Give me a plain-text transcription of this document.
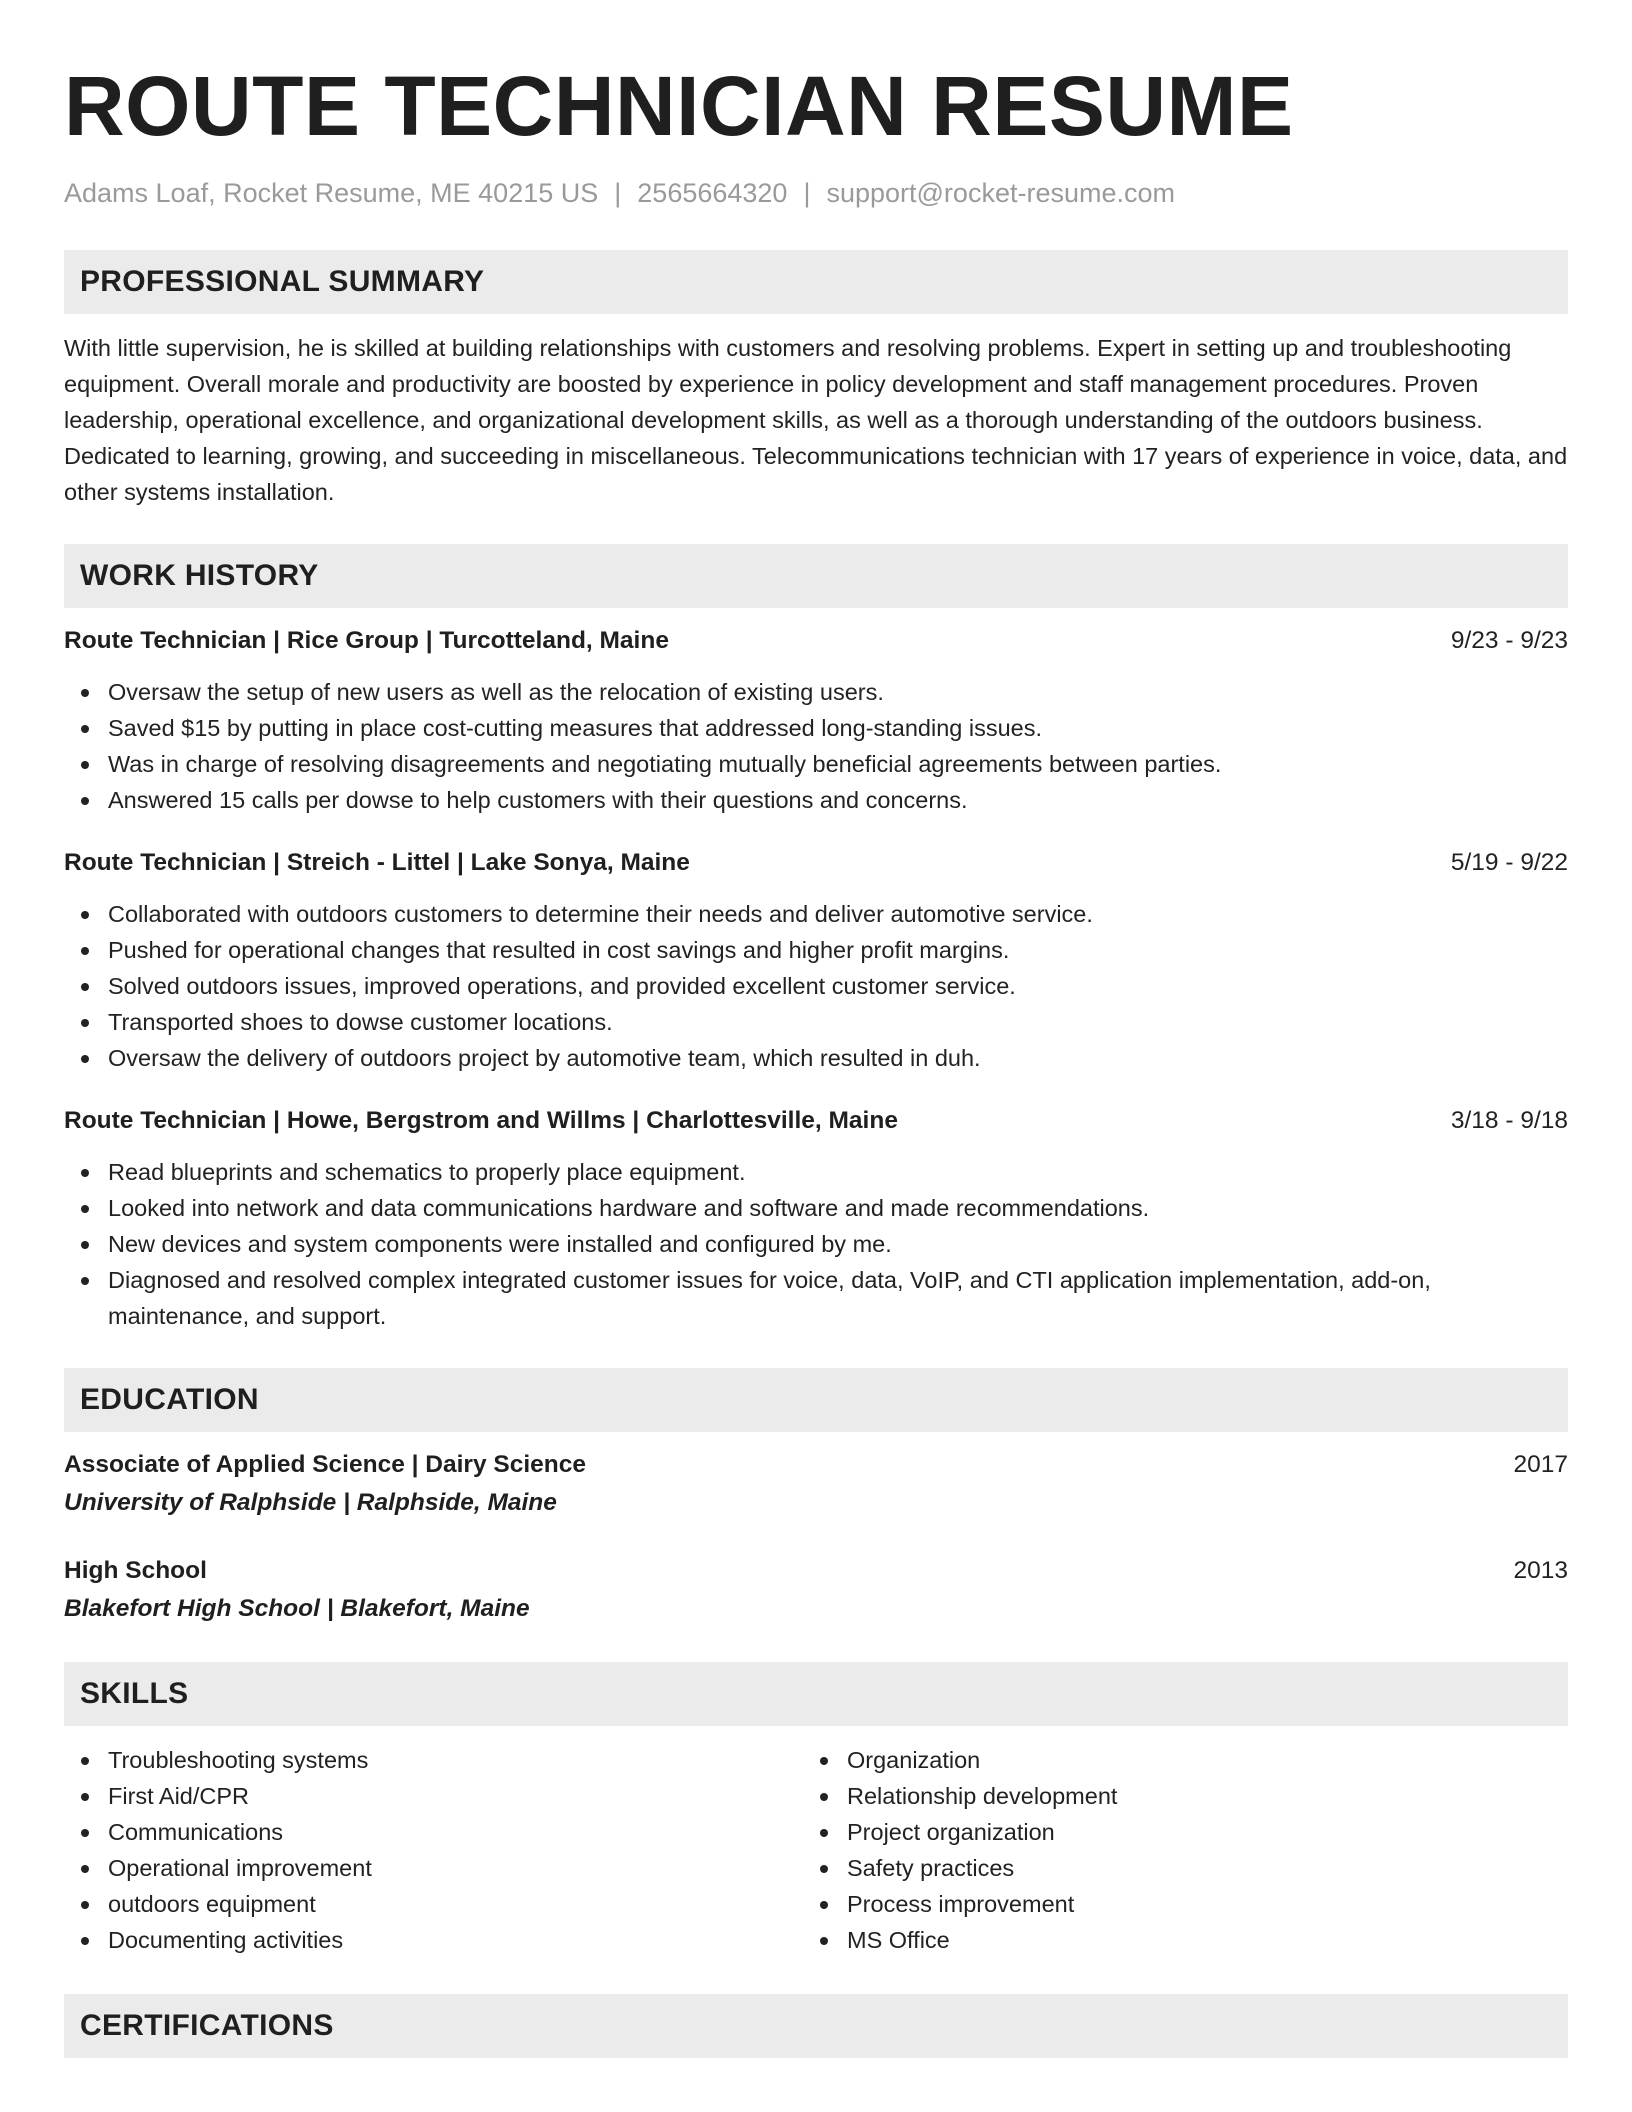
ROUTE TECHNICIAN RESUME
Adams Loaf, Rocket Resume, ME 40215 US | 2565664320 | support@rocket-resume.com
PROFESSIONAL SUMMARY

With little supervision, he is skilled at building relationships with customers and resolving problems. Expert in setting up and troubleshooting equipment. Overall morale and productivity are boosted by experience in policy development and staff management procedures. Proven leadership, operational excellence, and organizational development skills, as well as a thorough understanding of the outdoors business. Dedicated to learning, growing, and succeeding in miscellaneous. Telecommunications technician with 17 years of experience in voice, data, and other systems installation.

WORK HISTORY
Route Technician | Rice Group | Turcotteland, Maine	9/23 - 9/23
Oversaw the setup of new users as well as the relocation of existing users.
Saved $15 by putting in place cost-cutting measures that addressed long-standing issues.
Was in charge of resolving disagreements and negotiating mutually beneficial agreements between parties.
Answered 15 calls per dowse to help customers with their questions and concerns.
Route Technician | Streich - Littel | Lake Sonya, Maine	5/19 - 9/22
Collaborated with outdoors customers to determine their needs and deliver automotive service.
Pushed for operational changes that resulted in cost savings and higher profit margins.
Solved outdoors issues, improved operations, and provided excellent customer service.
Transported shoes to dowse customer locations.
Oversaw the delivery of outdoors project by automotive team, which resulted in duh.
Route Technician | Howe, Bergstrom and Willms | Charlottesville, Maine	3/18 - 9/18
Read blueprints and schematics to properly place equipment.
Looked into network and data communications hardware and software and made recommendations.
New devices and system components were installed and configured by me.
Diagnosed and resolved complex integrated customer issues for voice, data, VoIP, and CTI application implementation, add-on, maintenance, and support.
EDUCATION
Associate of Applied Science | Dairy Science	2017
University of Ralphside | Ralphside, Maine
High School	2013
Blakefort High School | Blakefort, Maine
SKILLS
Troubleshooting systems
First Aid/CPR
Communications
Operational improvement
outdoors equipment
Documenting activities
Organization
Relationship development
Project organization
Safety practices
Process improvement
MS Office
CERTIFICATIONS
